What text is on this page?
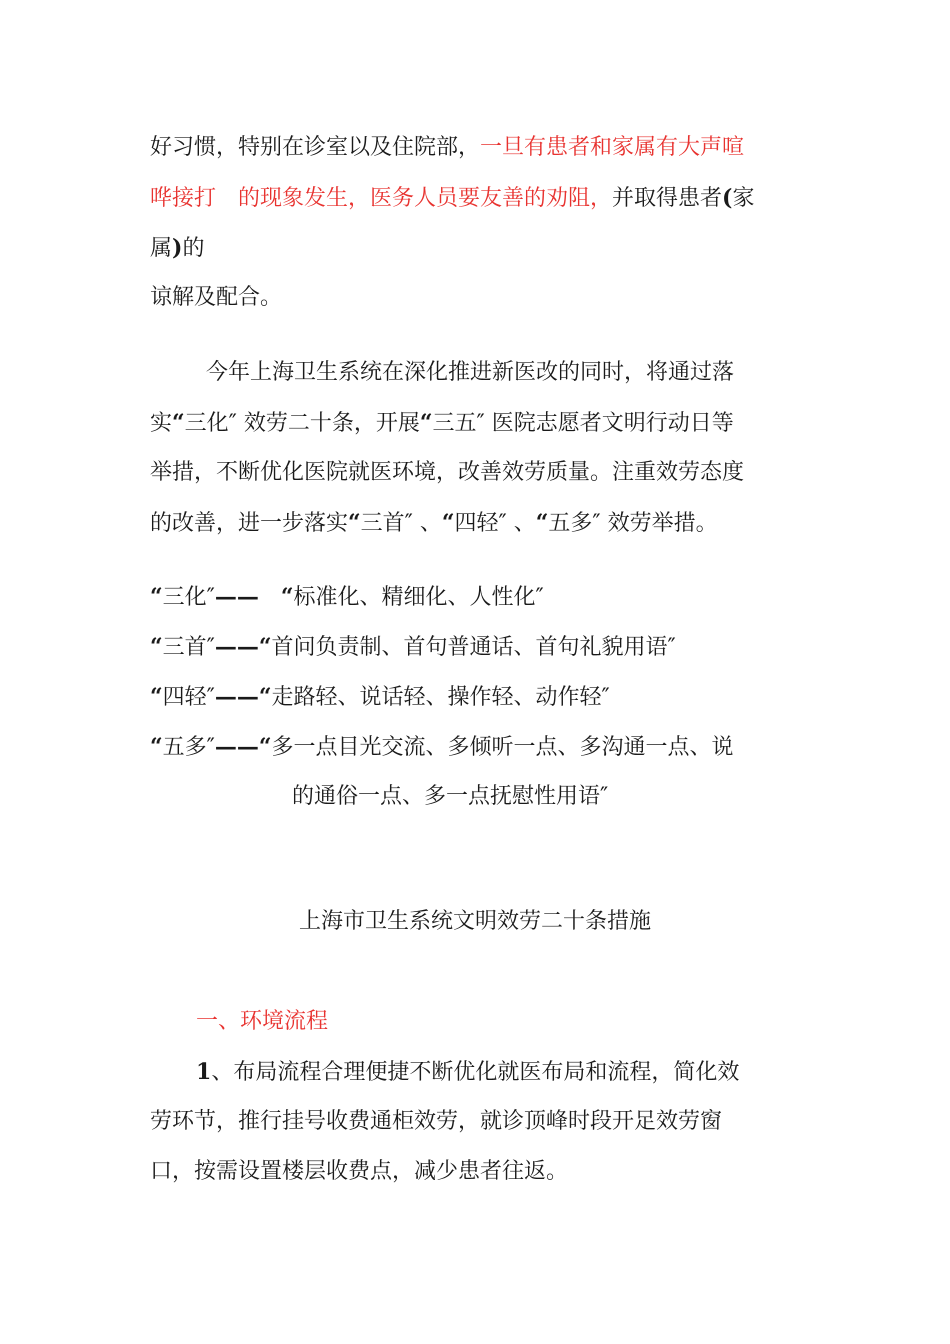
好习惯，特别在诊室以及住院部，一旦有患者和家属有大声喧
哗接打　的现象发生，医务人员要友善的劝阻，并取得患者(家
属)的
谅解及配合。
今年上海卫生系统在深化推进新医改的同时，将通过落
实“三化″ 效劳二十条，开展“三五″ 医院志愿者文明行动日等
举措，不断优化医院就医环境，改善效劳质量。注重效劳态度
的改善，进一步落实“三首″ 、“四轻″ 、“五多″ 效劳举措。
“三化″——　“标准化、精细化、人性化″
“三首″——“首问负责制、首句普通话、首句礼貌用语″
“四轻″——“走路轻、说话轻、操作轻、动作轻″
“五多″——“多一点目光交流、多倾听一点、多沟通一点、说
的通俗一点、多一点抚慰性用语″
上海市卫生系统文明效劳二十条措施
一、环境流程
1、布局流程合理便捷不断优化就医布局和流程，简化效
劳环节，推行挂号收费通柜效劳，就诊顶峰时段开足效劳窗
口，按需设置楼层收费点，减少患者往返。
